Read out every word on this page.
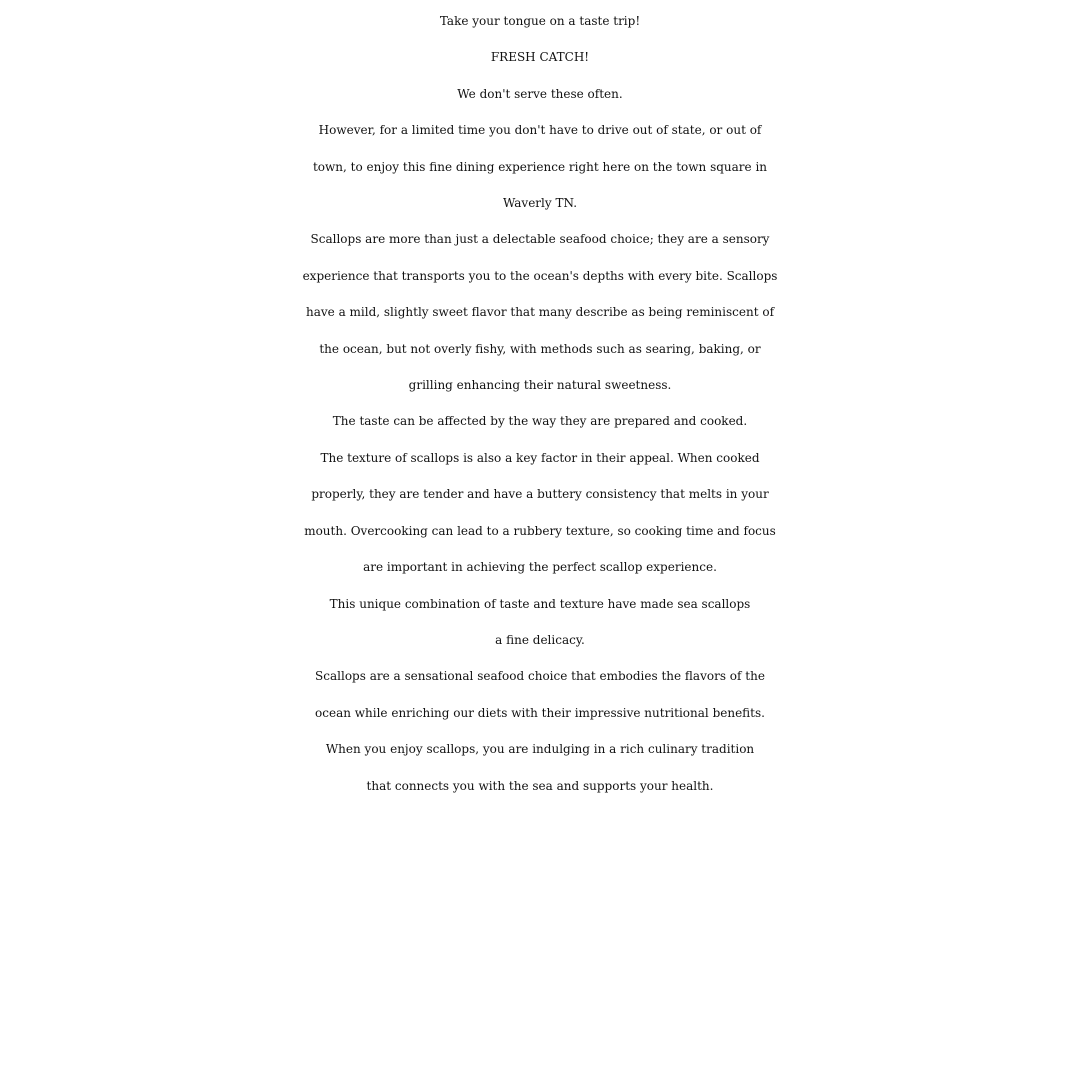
Take your tongue on a taste trip!
FRESH CATCH!
We don't serve these often.
However, for a limited time you don't have to drive out of state, or out of
town, to enjoy this fine dining experience right here on the town square in
Waverly TN.
Scallops are more than just a delectable seafood choice; they are a sensory
experience that transports you to the ocean's depths with every bite. Scallops
have a mild, slightly sweet flavor that many describe as being reminiscent of
the ocean, but not overly fishy, with methods such as searing, baking, or
grilling enhancing their natural sweetness.
The taste can be affected by the way they are prepared and cooked.
The texture of scallops is also a key factor in their appeal. When cooked
properly, they are tender and have a buttery consistency that melts in your
mouth. Overcooking can lead to a rubbery texture, so cooking time and focus
are important in achieving the perfect scallop experience.
This unique combination of taste and texture have made sea scallops
a fine delicacy.
Scallops are a sensational seafood choice that embodies the flavors of the
ocean while enriching our diets with their impressive nutritional benefits.
When you enjoy scallops, you are indulging in a rich culinary tradition
that connects you with the sea and supports your health.
